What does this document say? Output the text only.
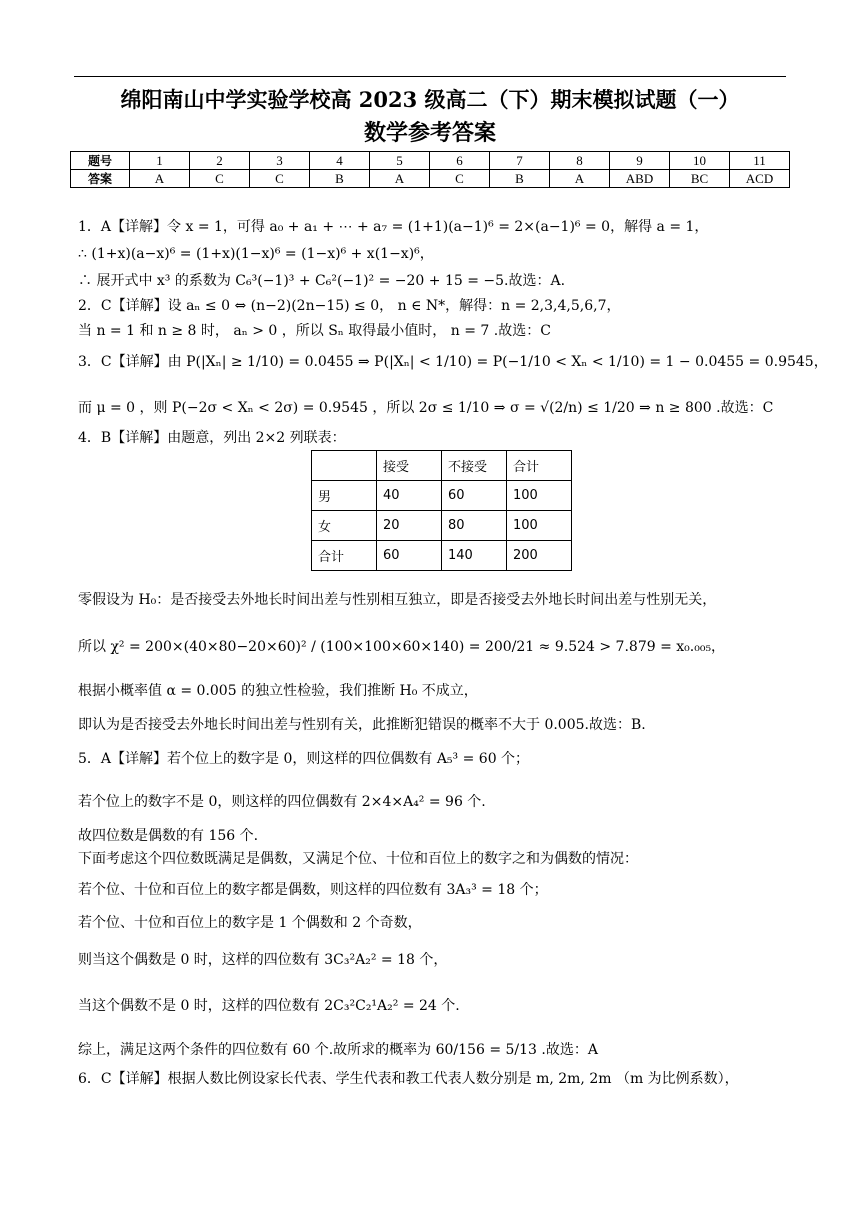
绵阳南山中学实验学校高 2023 级高二（下）期末模拟试题（一）
数学参考答案
题号	1	2	3	4	5	6	7	8	9	10	11
答案	A	C	C	B	A	C	B	A	ABD	BC	ACD
1．A【详解】令 x = 1，可得 a₀ + a₁ + ⋯ + a₇ = (1+1)(a−1)⁶ = 2×(a−1)⁶ = 0，解得 a = 1，
∴ (1+x)(a−x)⁶ = (1+x)(1−x)⁶ = (1−x)⁶ + x(1−x)⁶，
∴ 展开式中 x³ 的系数为 C₆³(−1)³ + C₆²(−1)² = −20 + 15 = −5.故选：A.
2．C【详解】设 aₙ ≤ 0 ⇔ (n−2)(2n−15) ≤ 0， n ∈ N*，解得：n = 2,3,4,5,6,7，
当 n = 1 和 n ≥ 8 时， aₙ > 0 ，所以 Sₙ 取得最小值时， n = 7 .故选：C
3．C【详解】由 P(|Xₙ| ≥ 1/10) = 0.0455 ⇒ P(|Xₙ| < 1/10) = P(−1/10 < Xₙ < 1/10) = 1 − 0.0455 = 0.9545，
而 μ = 0 ，则 P(−2σ < Xₙ < 2σ) = 0.9545 ，所以 2σ ≤ 1/10 ⇒ σ = √(2/n) ≤ 1/20 ⇒ n ≥ 800 .故选：C
4．B【详解】由题意，列出 2×2 列联表：
	接受	不接受	合计
男	40	60	100
女	20	80	100
合计	60	140	200
零假设为 H₀：是否接受去外地长时间出差与性别相互独立，即是否接受去外地长时间出差与性别无关，
所以 χ² = 200×(40×80−20×60)² / (100×100×60×140) = 200/21 ≈ 9.524 > 7.879 = x₀.₀₀₅，
根据小概率值 α = 0.005 的独立性检验，我们推断 H₀ 不成立，
即认为是否接受去外地长时间出差与性别有关，此推断犯错误的概率不大于 0.005.故选：B.
5．A【详解】若个位上的数字是 0，则这样的四位偶数有 A₅³ = 60 个；
若个位上的数字不是 0，则这样的四位偶数有 2×4×A₄² = 96 个.
故四位数是偶数的有 156 个.
下面考虑这个四位数既满足是偶数，又满足个位、十位和百位上的数字之和为偶数的情况：
若个位、十位和百位上的数字都是偶数，则这样的四位数有 3A₃³ = 18 个；
若个位、十位和百位上的数字是 1 个偶数和 2 个奇数，
则当这个偶数是 0 时，这样的四位数有 3C₃²A₂² = 18 个，
当这个偶数不是 0 时，这样的四位数有 2C₃²C₂¹A₂² = 24 个.
综上，满足这两个条件的四位数有 60 个.故所求的概率为 60/156 = 5/13 .故选：A
6．C【详解】根据人数比例设家长代表、学生代表和教工代表人数分别是 m, 2m, 2m （m 为比例系数），
